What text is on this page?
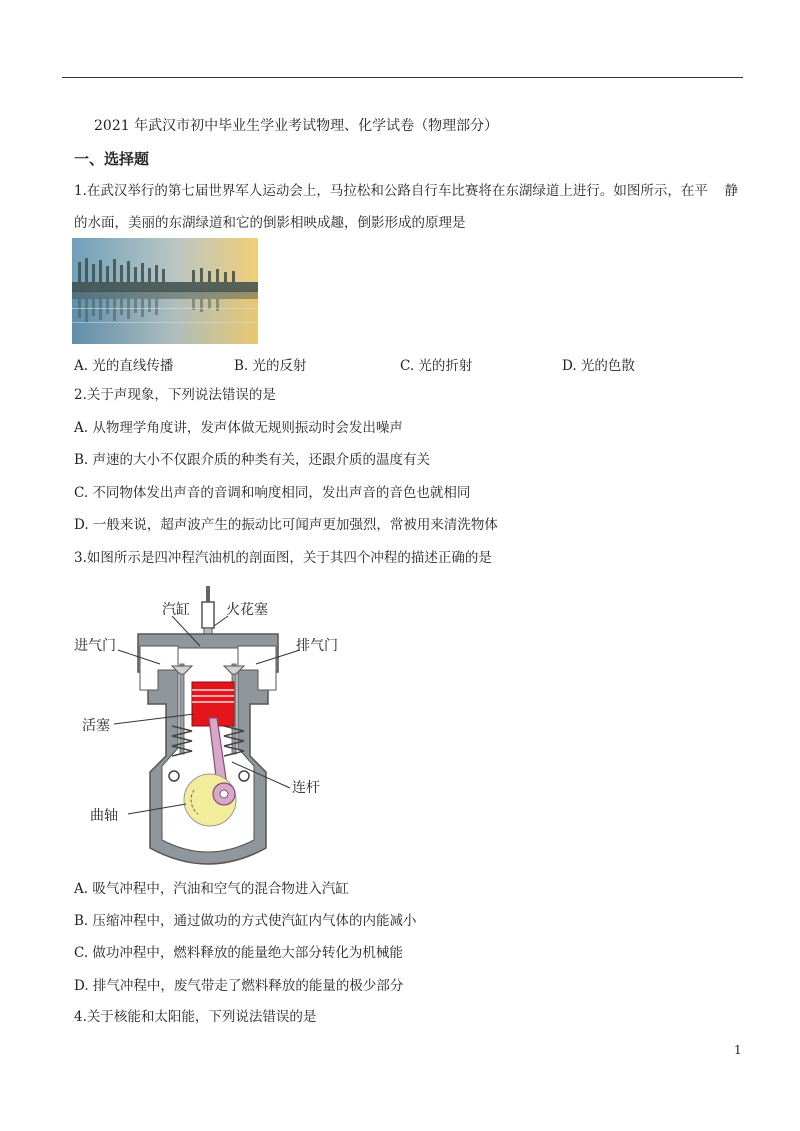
2021 年武汉市初中毕业生学业考试物理、化学试卷（物理部分）
一、选择题
1.在武汉举行的第七届世界军人运动会上，马拉松和公路自行车比赛将在东湖绿道上进行。如图所示，在平 静
的水面，美丽的东湖绿道和它的倒影相映成趣，倒影形成的原理是
A. 光的直线传播	B. 光的反射	C. 光的折射	D. 光的色散
2.关于声现象，下列说法错误的是
A. 从物理学角度讲，发声体做无规则振动时会发出噪声
B. 声速的大小不仅跟介质的种类有关，还跟介质的温度有关
C. 不同物体发出声音的音调和响度相同，发出声音的音色也就相同
D. 一般来说，超声波产生的振动比可闻声更加强烈，常被用来清洗物体
3.如图所示是四冲程汽油机的剖面图，关于其四个冲程的描述正确的是
汽缸	火花塞
进气门	排气门
活塞
连杆
曲轴
A. 吸气冲程中，汽油和空气的混合物进入汽缸
B. 压缩冲程中，通过做功的方式使汽缸内气体的内能减小
C. 做功冲程中，燃料释放的能量绝大部分转化为机械能
D. 排气冲程中，废气带走了燃料释放的能量的极少部分
4.关于核能和太阳能，下列说法错误的是
1
